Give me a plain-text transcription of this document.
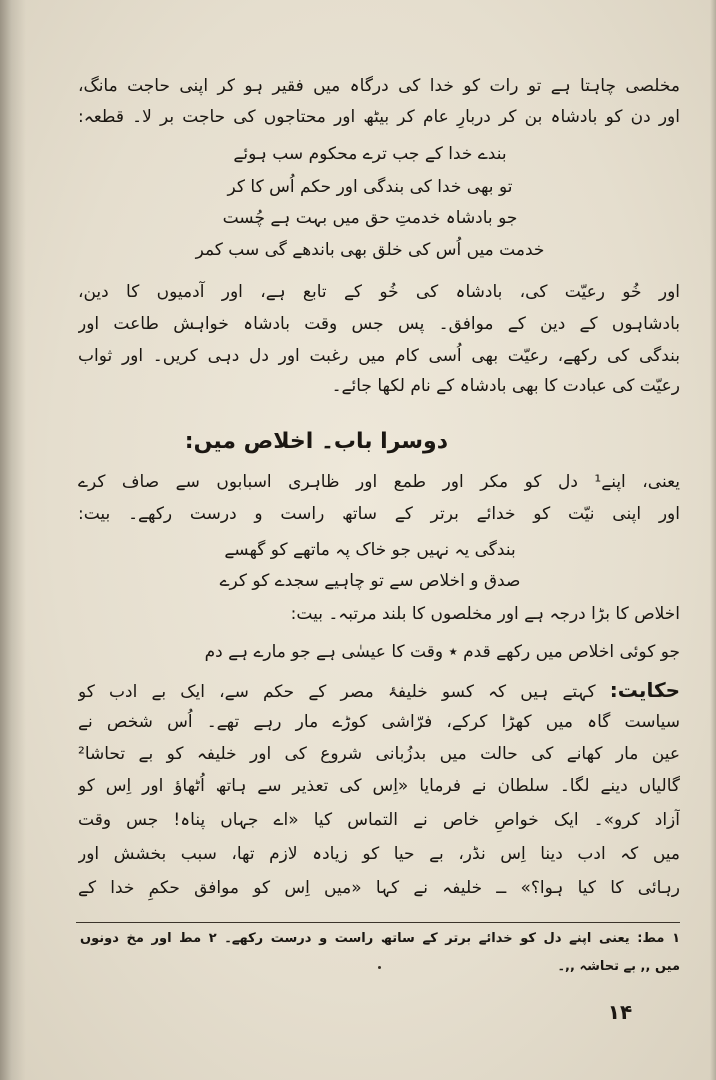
مخلصی چاہتا ہے تو رات کو خدا کی درگاہ میں فقیر ہو کر اپنی حاجت مانگ،

اور دن کو بادشاہ بن کر دربارِ عام کر بیٹھ اور محتاجوں کی حاجت بر لا۔ قطعہ:

بندے خدا کے جب ترے محکوم سب ہوئے

تو بھی خدا کی بندگی اور حکم اُس کا کر

جو بادشاہ خدمتِ حق میں بہت ہے چُست

خدمت میں اُس کی خلق بھی باندھے گی سب کمر

اور خُو رعیّت کی، بادشاہ کی خُو کے تابع ہے، اور آدمیوں کا دین،

بادشاہوں کے دین کے موافق۔ پس جس وقت بادشاہ خواہش طاعت اور

بندگی کی رکھے، رعیّت بھی اُسی کام میں رغبت اور دل دہی کریں۔ اور ثواب

رعیّت کی عبادت کا بھی بادشاہ کے نام لکھا جائے۔

دوسرا باب۔ اخلاص میں:

یعنی، اپنے¹ دل کو مکر اور طمع اور ظاہری اسبابوں سے صاف کرے

اور اپنی نیّت کو خدائے برتر کے ساتھ راست و درست رکھے۔ بیت:

بندگی یہ نہیں جو خاک پہ ماتھے کو گھسے

صدق و اخلاص سے تو چاہیے سجدے کو کرے

اخلاص کا بڑا درجہ ہے اور مخلصوں کا بلند مرتبہ۔ بیت:

جو کوئی اخلاص میں رکھے قدم ٭ وقت کا عیسٰی ہے جو مارے ہے دم

حکایت: کہتے ہیں کہ کسو خلیفۂ مصر کے حکم سے، ایک بے ادب کو

سیاست گاہ میں کھڑا کرکے، فرّاشی کوڑے مار رہے تھے۔ اُس شخص نے

عین مار کھانے کی حالت میں بدزُبانی شروع کی اور خلیفہ کو بے تحاشا²

گالیاں دینے لگا۔ سلطان نے فرمایا «اِس کی تعذیر سے ہاتھ اُٹھاؤ اور اِس کو

آزاد کرو»۔ ایک خواصِ خاص نے التماس کیا «اے جہاں پناہ! جس وقت

میں کہ ادب دینا اِس نڈر، بے حیا کو زیادہ لازم تھا، سبب بخشش اور

رہائی کا کیا ہوا؟» ــ خلیفہ نے کہا «میں اِس کو موافق حکمِ خدا کے

۱ مط: یعنی اپنے دل کو خدائے برتر کے ساتھ راست و درست رکھے۔ ۲ مط اور مخ دونوں

میں ,, بے تحاشہ ,,۔

۱۴
